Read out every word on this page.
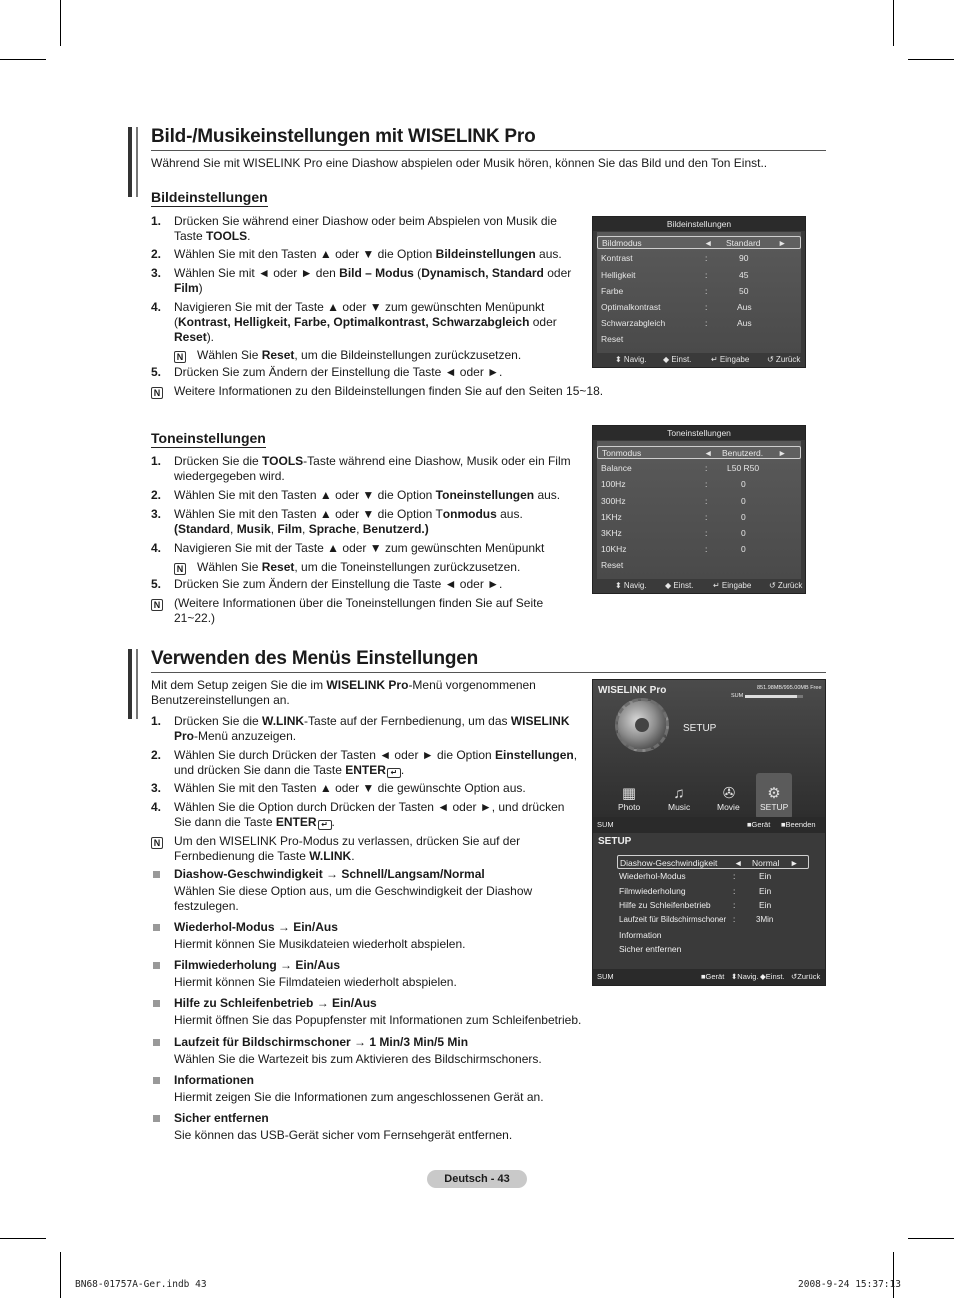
Bild-/Musikeinstellungen mit WISELINK Pro
Während Sie mit WISELINK Pro eine Diashow abspielen oder Musik hören, können Sie das Bild und den Ton Einst..
Bildeinstellungen
1. Drücken Sie während einer Diashow oder beim Abspielen von Musik die
Taste TOOLS.
2. Wählen Sie mit den Tasten ▲ oder ▼ die Option Bildeinstellungen aus.
3. Wählen Sie mit ◄ oder ► den Bild – Modus (Dynamisch, Standard oder
Film)
4. Navigieren Sie mit der Taste ▲ oder ▼ zum gewünschten Menüpunkt
(Kontrast, Helligkeit, Farbe, Optimalkontrast, Schwarzabgleich oder
Reset).
N Wählen Sie Reset, um die Bildeinstellungen zurückzusetzen.
5. Drücken Sie zum Ändern der Einstellung die Taste ◄ oder ►.
N Weitere Informationen zu den Bildeinstellungen finden Sie auf den Seiten 15~18.
Bildeinstellungen
Bildmodus	◄ Standard ►
Kontrast	:	90
Helligkeit	:	45
Farbe	:	50
Optimalkontrast	:	Aus
Schwarzabgleich	:	Aus
Reset
⬍ Navig. ◆ Einst. ↵ Eingabe ↺ Zurück
Toneinstellungen
1. Drücken Sie die TOOLS-Taste während eine Diashow, Musik oder ein Film
wiedergegeben wird.
2. Wählen Sie mit den Tasten ▲ oder ▼ die Option Toneinstellungen aus.
3. Wählen Sie mit den Tasten ▲ oder ▼ die Option Tonmodus aus.
(Standard, Musik, Film, Sprache, Benutzerd.)
4. Navigieren Sie mit der Taste ▲ oder ▼ zum gewünschten Menüpunkt
N Wählen Sie Reset, um die Toneinstellungen zurückzusetzen.
5. Drücken Sie zum Ändern der Einstellung die Taste ◄ oder ►.
N (Weitere Informationen über die Toneinstellungen finden Sie auf Seite
21~22.)
Toneinstellungen
Tonmodus	◄ Benutzerd. ►
Balance	: L50 R50
100Hz	:	0
300Hz	:	0
1KHz	:	0
3KHz	:	0
10KHz	:	0
Reset
⬍ Navig. ◆ Einst. ↵ Eingabe ↺ Zurück
Verwenden des Menüs Einstellungen
Mit dem Setup zeigen Sie die im WISELINK Pro-Menü vorgenommenen
Benutzereinstellungen an.
1. Drücken Sie die W.LINK-Taste auf der Fernbedienung, um das WISELINK
Pro-Menü anzuzeigen.
2. Wählen Sie durch Drücken der Tasten ◄ oder ► die Option Einstellungen,
und drücken Sie dann die Taste ENTER ↵ .
3. Wählen Sie mit den Tasten ▲ oder ▼ die gewünschte Option aus.
4. Wählen Sie die Option durch Drücken der Tasten ◄ oder ►, und drücken
Sie dann die Taste ENTER ↵ .
N Um den WISELINK Pro-Modus zu verlassen, drücken Sie auf der
Fernbedienung die Taste W.LINK.
Diashow-Geschwindigkeit → Schnell/Langsam/Normal
Wählen Sie diese Option aus, um die Geschwindigkeit der Diashow festzulegen.
Wiederhol-Modus → Ein/Aus
Hiermit können Sie Musikdateien wiederholt abspielen.
Filmwiederholung → Ein/Aus
Hiermit können Sie Filmdateien wiederholt abspielen.
Hilfe zu Schleifenbetrieb → Ein/Aus
Hiermit öffnen Sie das Popupfenster mit Informationen zum Schleifenbetrieb.
Laufzeit für Bildschirmschoner → 1 Min/3 Min/5 Min
Wählen Sie die Wartezeit bis zum Aktivieren des Bildschirmschoners.
Informationen
Hiermit zeigen Sie die Informationen zum angeschlossenen Gerät an.
Sicher entfernen
Sie können das USB-Gerät sicher vom Fernsehgerät entfernen.
WISELINK Pro	851.98MB/995.00MB Free
SUM
SETUP
▦ ♫	✇ ⚙
Photo	Music	Movie SETUP
SUM	■ Gerät ■ Beenden
SETUP
Diashow-Geschwindigkeit ◄ Normal ►
Wiederhol-Modus	:	Ein
Filmwiederholung	:	Ein
Hilfe zu Schleifenbetrieb	:	Ein
Laufzeit für Bildschirmschoner :	3Min
Information
Sicher entfernen
SUM	■ Gerät ⬍ Navig. ◆ Einst. ↺ Zurück
Deutsch - 43
BN68-01757A-Ger.indb 43	2008-9-24 15:37:13
